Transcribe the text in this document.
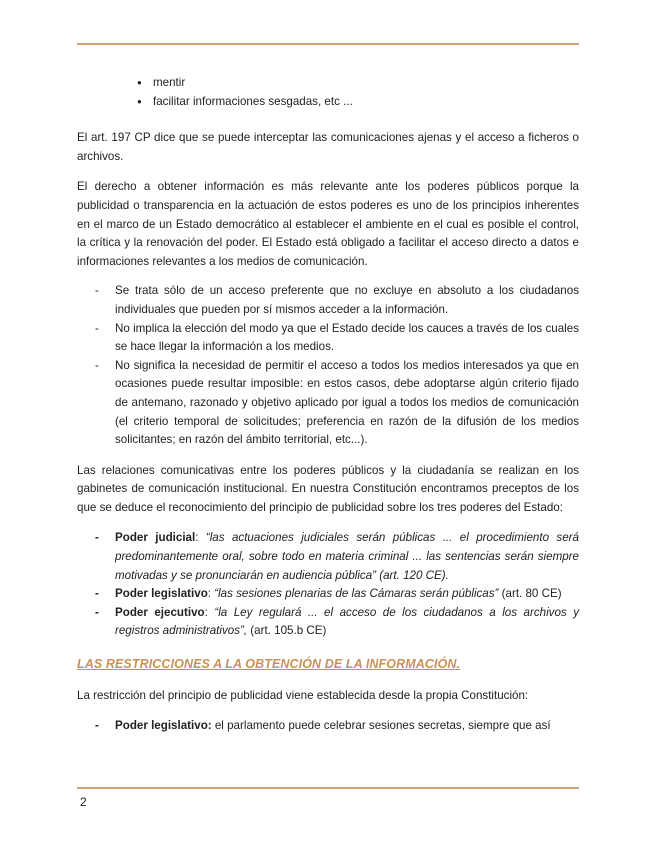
● mentir
● facilitar informaciones sesgadas, etc ...

El art. 197 CP dice que se puede interceptar las comunicaciones ajenas y el acceso a ficheros o archivos.

El derecho a obtener información es más relevante ante los poderes públicos porque la publicidad o transparencia en la actuación de estos poderes es uno de los principios inherentes en el marco de un Estado democrático al establecer el ambiente en el cual es posible el control, la crítica y la renovación del poder. El Estado está obligado a facilitar el acceso directo a datos e informaciones relevantes a los medios de comunicación.

- Se trata sólo de un acceso preferente que no excluye en absoluto a los ciudadanos individuales que pueden por sí mismos acceder a la información.
- No implica la elección del modo ya que el Estado decide los cauces a través de los cuales se hace llegar la información a los medios.
- No significa la necesidad de permitir el acceso a todos los medios interesados ya que en ocasiones puede resultar imposible: en estos casos, debe adoptarse algún criterio fijado de antemano, razonado y objetivo aplicado por igual a todos los medios de comunicación (el criterio temporal de solicitudes; preferencia en razón de la difusión de los medios solicitantes; en razón del ámbito territorial, etc...).

Las relaciones comunicativas entre los poderes públicos y la ciudadanía se realizan en los gabinetes de comunicación institucional. En nuestra Constitución encontramos preceptos de los que se deduce el reconocimiento del principio de publicidad sobre los tres poderes del Estado:

- Poder judicial: “las actuaciones judiciales serán públicas ... el procedimiento será predominantemente oral, sobre todo en materia criminal ... las sentencias serán siempre motivadas y se pronunciarán en audiencia pública” (art. 120 CE).
- Poder legislativo: “las sesiones plenarias de las Cámaras serán públicas” (art. 80 CE)
- Poder ejecutivo: “la Ley regulará ... el acceso de los ciudadanos a los archivos y registros administrativos”, (art. 105.b CE)
LAS RESTRICCIONES A LA OBTENCIÓN DE LA INFORMACIÓN.

La restricción del principio de publicidad viene establecida desde la propia Constitución:

- Poder legislativo: el parlamento puede celebrar sesiones secretas, siempre que así
2
